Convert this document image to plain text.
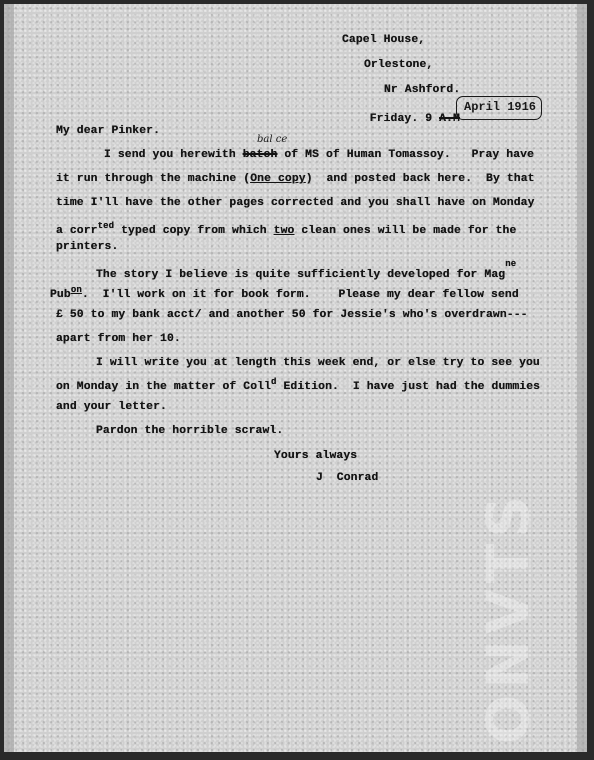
Capel House,
Orlestone,
Nr Ashford.

Friday. 9 A.M

April 1916
My dear Pinker.
bal ce
I send you herewith batch of MS of Human Tomassoy.   Pray have
it run through the machine (One copy)  and posted back here.  By that
time I'll have the other pages corrected and you shall have on Monday
a corr$^{ted}$ typed copy from which two clean ones will be made for the
printers.
The story I believe is quite sufficiently developed for Mag$^{ne}$
Pub$^{on}$.  I'll work on it for book form.    Please my dear fellow send
£ 50 to my bank acct/ and another 50 for Jessie's who's overdrawn---
apart from her 10.
I will write you at length this week end, or else try to see you
on Monday in the matter of Coll$^d$ Edition.  I have just had the dummies
and your letter.
Pardon the horrible scrawl.
Yours always
J  Conrad
ONVTS
